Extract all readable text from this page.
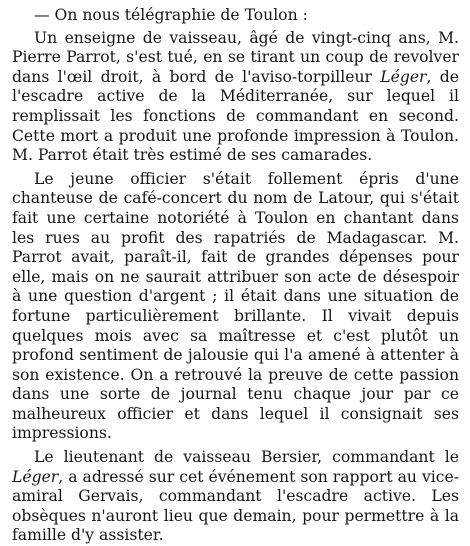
— On nous télégraphie de Toulon :

Un enseigne de vaisseau, âgé de vingt-cinq ans, M. Pierre Parrot, s'est tué, en se tirant un coup de revolver dans l'œil droit, à bord de l'aviso-torpilleur Léger, de l'escadre active de la Méditerranée, sur lequel il remplissait les fonctions de commandant en second. Cette mort a produit une profonde impression à Toulon. M. Parrot était très estimé de ses camarades.

Le jeune officier s'était follement épris d'une chanteuse de café-concert du nom de Latour, qui s'était fait une certaine notoriété à Toulon en chantant dans les rues au profit des rapatriés de Madagascar. M. Parrot avait, paraît-il, fait de grandes dépenses pour elle, mais on ne saurait attribuer son acte de désespoir à une question d'argent ; il était dans une situation de fortune particulièrement brillante. Il vivait depuis quelques mois avec sa maîtresse et c'est plutôt un profond sentiment de jalousie qui l'a amené à attenter à son existence. On a retrouvé la preuve de cette passion dans une sorte de journal tenu chaque jour par ce malheureux officier et dans lequel il consignait ses impressions.

Le lieutenant de vaisseau Bersier, commandant le Léger, a adressé sur cet événement son rapport au vice-amiral Gervais, commandant l'escadre active. Les obsèques n'auront lieu que demain, pour permettre à la famille d'y assister.
